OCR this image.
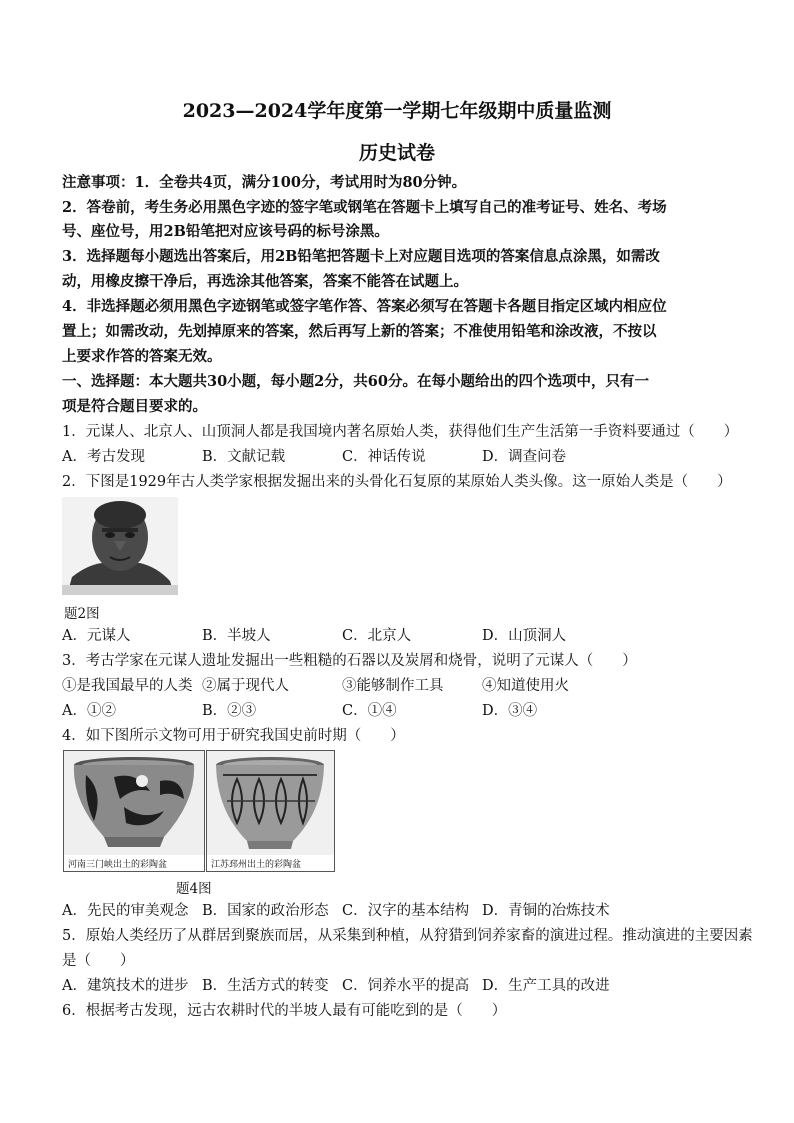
2023—2024学年度第一学期七年级期中质量监测
历史试卷
注意事项：1．全卷共4页，满分100分，考试用时为80分钟。
2．答卷前，考生务必用黑色字迹的签字笔或钢笔在答题卡上填写自己的准考证号、姓名、考场
号、座位号，用2B铅笔把对应该号码的标号涂黑。
3．选择题每小题选出答案后，用2B铅笔把答题卡上对应题目选项的答案信息点涂黑，如需改
动，用橡皮擦干净后，再选涂其他答案，答案不能答在试题上。
4．非选择题必须用黑色字迹钢笔或签字笔作答、答案必须写在答题卡各题目指定区域内相应位
置上；如需改动，先划掉原来的答案，然后再写上新的答案；不准使用铅笔和涂改液，不按以
上要求作答的答案无效。
一、选择题：本大题共30小题，每小题2分，共60分。在每小题给出的四个选项中，只有一
项是符合题目要求的。
1．元谋人、北京人、山顶洞人都是我国境内著名原始人类，获得他们生产生活第一手资料要通过（　　）
A．考古发现	B．文献记载	C．神话传说	D．调查问卷
2．下图是1929年古人类学家根据发掘出来的头骨化石复原的某原始人类头像。这一原始人类是（　　）
题2图
A．元谋人	B．半坡人	C．北京人	D．山顶洞人
3．考古学家在元谋人遗址发掘出一些粗糙的石器以及炭屑和烧骨，说明了元谋人（　　）
①是我国最早的人类 ②属于现代人	③能够制作工具	④知道使用火
A．①②	B．②③	C．①④	D．③④
4．如下图所示文物可用于研究我国史前时期（　　）
河南三门峡出土的彩陶盆	江苏邳州出土的彩陶盆
题4图
A．先民的审美观念 B．国家的政治形态 C．汉字的基本结构 D．青铜的冶炼技术
5．原始人类经历了从群居到聚族而居，从采集到种植，从狩猎到饲养家畜的演进过程。推动演进的主要因素
是（　　）
A．建筑技术的进步 B．生活方式的转变 C．饲养水平的提高 D．生产工具的改进
6．根据考古发现，远古农耕时代的半坡人最有可能吃到的是（　　）
